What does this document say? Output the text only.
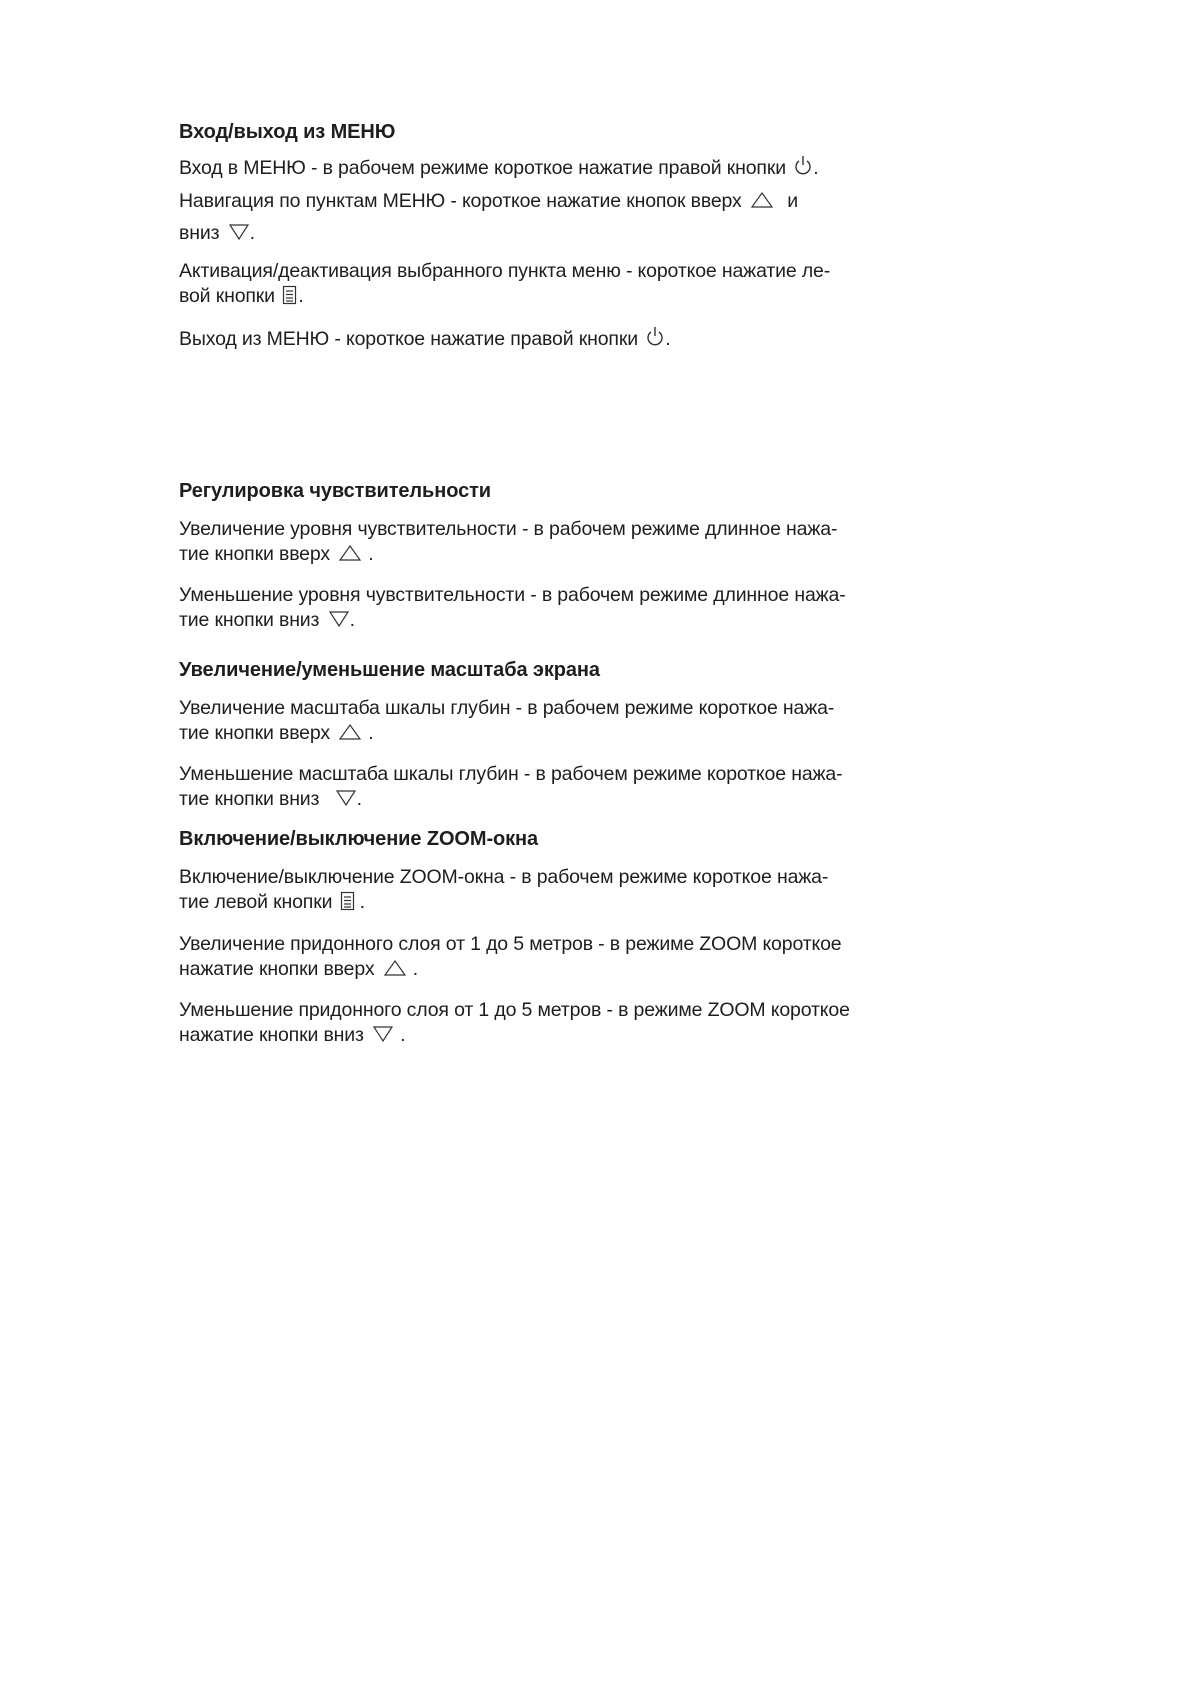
Вход/выход из МЕНЮ

Вход в МЕНЮ - в рабочем режиме короткое нажатие правой кнопки .

Навигация по пунктам МЕНЮ - короткое нажатие кнопок вверх и
вниз .

Активация/деактивация выбранного пункта меню - короткое нажатие ле-
вой кнопки .

Выход из МЕНЮ - короткое нажатие правой кнопки .

Регулировка чувствительности

Увеличение уровня чувствительности - в рабочем режиме длинное нажа-
тие кнопки вверх .

Уменьшение уровня чувствительности - в рабочем режиме длинное нажа-
тие кнопки вниз .

Увеличение/уменьшение масштаба экрана

Увеличение масштаба шкалы глубин - в рабочем режиме короткое нажа-
тие кнопки вверх .

Уменьшение масштаба шкалы глубин - в рабочем режиме короткое нажа-
тие кнопки вниз .

Включение/выключение ZOOM-окна

Включение/выключение ZOOM-окна - в рабочем режиме короткое нажа-
тие левой кнопки .

Увеличение придонного слоя от 1 до 5 метров - в режиме ZOOM короткое
нажатие кнопки вверх .

Уменьшение придонного слоя от 1 до 5 метров - в режиме ZOOM короткое
нажатие кнопки вниз .
